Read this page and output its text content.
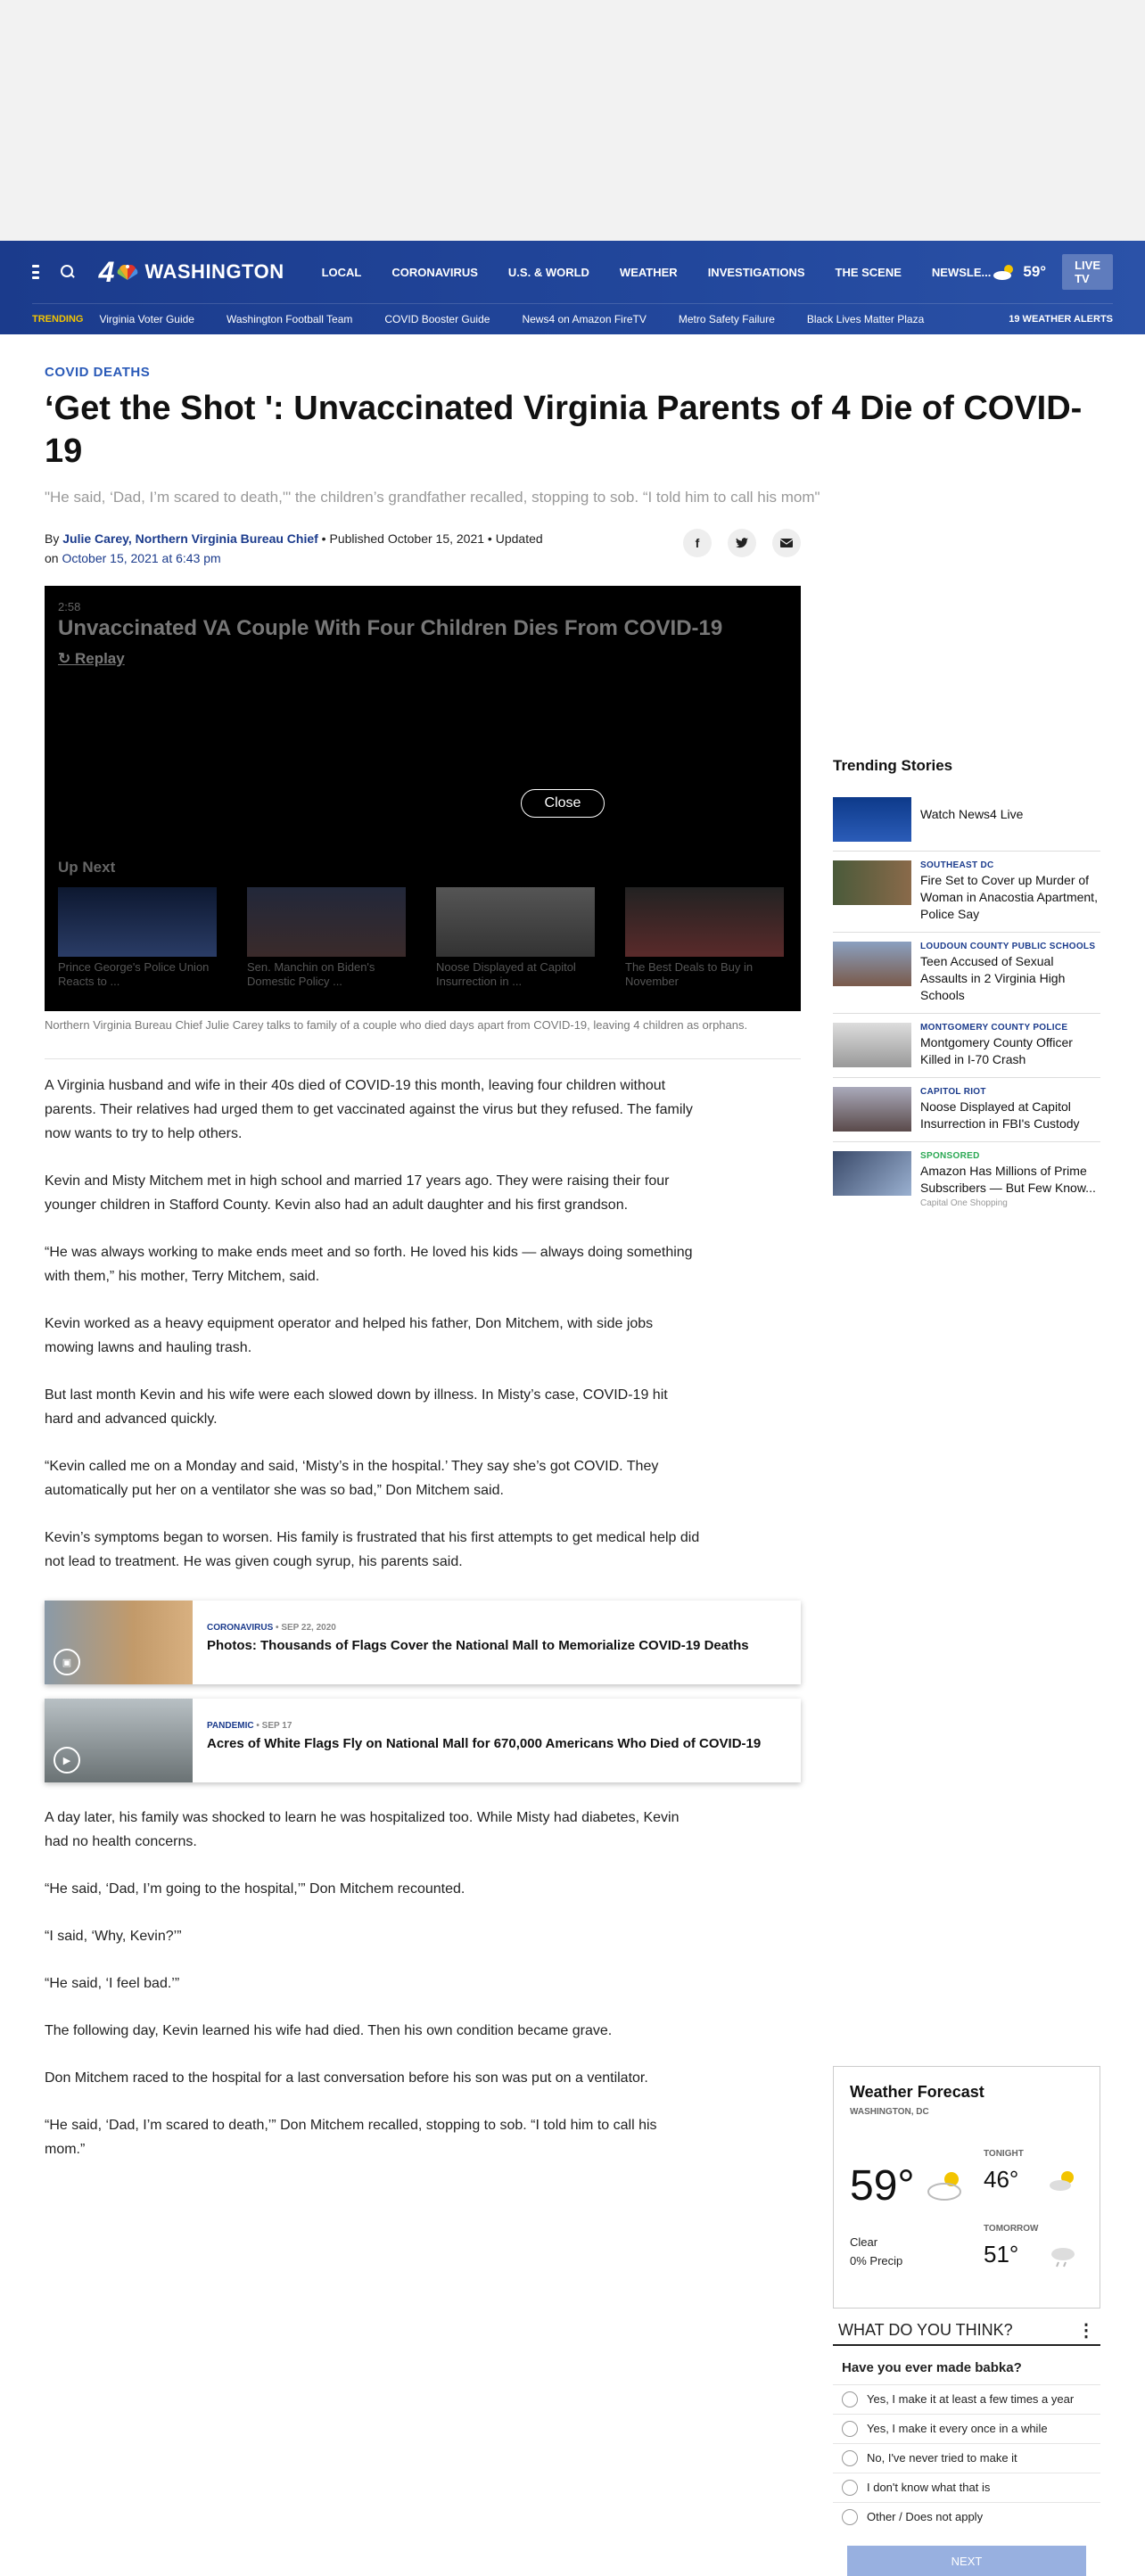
4 WASHINGTON	LOCAL	CORONAVIRUS	U.S. & WORLD	WEATHER	INVESTIGATIONS	THE SCENE	NEWSLE... 59°	LIVE TV
TRENDING Virginia Voter Guide	Washington Football Team	COVID Booster Guide	News4 on Amazon FireTV	Metro Safety Failure	Black Lives Matter Plaza	19 WEATHER ALERTS
COVID DEATHS
‘Get the Shot ': Unvaccinated Virginia Parents of 4 Die of COVID-19
"He said, ‘Dad, I’m scared to death,'" the children’s grandfather recalled, stopping to sob. “I told him to call his mom"
By Julie Carey, Northern Virginia Bureau Chief • Published October 15, 2021 • Updated
on October 15, 2021 at 6:43 pm
f
2:58
Unvaccinated VA Couple With Four Children Dies From COVID-19
↻ Replay
Close
Up Next
Prince George's Police Union Reacts to ...
Sen. Manchin on Biden's Domestic Policy ...
Noose Displayed at Capitol Insurrection in ...
The Best Deals to Buy in November
Northern Virginia Bureau Chief Julie Carey talks to family of a couple who died days apart from COVID-19, leaving 4 children as orphans.

A Virginia husband and wife in their 40s died of COVID-19 this month, leaving four children without parents. Their relatives had urged them to get vaccinated against the virus but they refused. The family now wants to try to help others.

Kevin and Misty Mitchem met in high school and married 17 years ago. They were raising their four younger children in Stafford County. Kevin also had an adult daughter and his first grandson.

“He was always working to make ends meet and so forth. He loved his kids — always doing something with them,” his mother, Terry Mitchem, said.

Kevin worked as a heavy equipment operator and helped his father, Don Mitchem, with side jobs mowing lawns and hauling trash.

But last month Kevin and his wife were each slowed down by illness. In Misty’s case, COVID-19 hit hard and advanced quickly.

“Kevin called me on a Monday and said, ‘Misty’s in the hospital.’ They say she’s got COVID. They automatically put her on a ventilator she was so bad,” Don Mitchem said.

Kevin’s symptoms began to worsen. His family is frustrated that his first attempts to get medical help did not lead to treatment. He was given cough syrup, his parents said.

▣
CORONAVIRUS • SEP 22, 2020
Photos: Thousands of Flags Cover the National Mall to Memorialize COVID-19 Deaths
▶
PANDEMIC • SEP 17
Acres of White Flags Fly on National Mall for 670,000 Americans Who Died of COVID-19

A day later, his family was shocked to learn he was hospitalized too. While Misty had diabetes, Kevin had no health concerns.

“He said, ‘Dad, I’m going to the hospital,’” Don Mitchem recounted.

“I said, ‘Why, Kevin?’”

“He said, ‘I feel bad.’”

The following day, Kevin learned his wife had died. Then his own condition became grave.

Don Mitchem raced to the hospital for a last conversation before his son was put on a ventilator.

“He said, ‘Dad, I’m scared to death,’” Don Mitchem recalled, stopping to sob. “I told him to call his mom.”

Trending Stories
Watch News4 Live
SOUTHEAST DC
Fire Set to Cover up Murder of Woman in Anacostia Apartment, Police Say
LOUDOUN COUNTY PUBLIC SCHOOLS
Teen Accused of Sexual Assaults in 2 Virginia High Schools
MONTGOMERY COUNTY POLICE
Montgomery County Officer Killed in I-70 Crash
CAPITOL RIOT
Noose Displayed at Capitol Insurrection in FBI's Custody
SPONSORED
Amazon Has Millions of Prime Subscribers — But Few Know...
Capital One Shopping
Weather Forecast
WASHINGTON, DC
59°
Clear
0% Precip
TONIGHT
46°
TOMORROW
51°
WHAT DO YOU THINK?	⋮
Have you ever made babka?
Yes, I make it at least a few times a year
Yes, I make it every once in a while
No, I've never tried to make it
I don't know what that is
Other / Does not apply
NEXT
